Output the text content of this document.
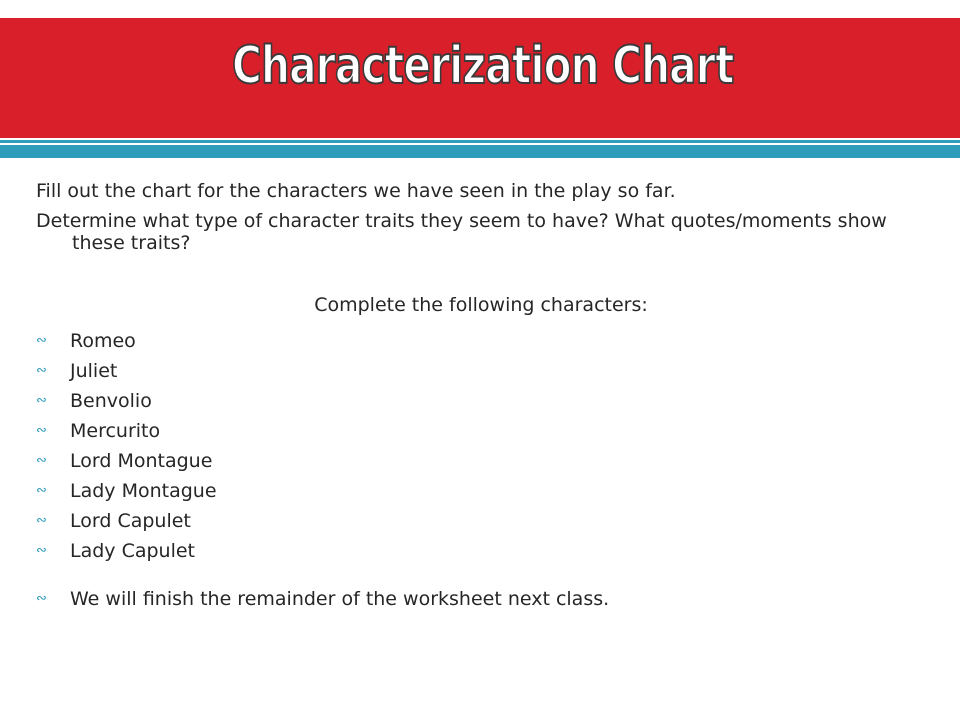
Characterization Chart

Fill out the chart for the characters we have seen in the play so far.

Determine what type of character traits they seem to have? What quotes/moments show these traits?

Complete the following characters:

∾	Romeo
∾	Juliet
∾	Benvolio
∾	Mercurito
∾	Lord Montague
∾	Lady Montague
∾	Lord Capulet
∾	Lady Capulet
∾	We will finish the remainder of the worksheet next class.
